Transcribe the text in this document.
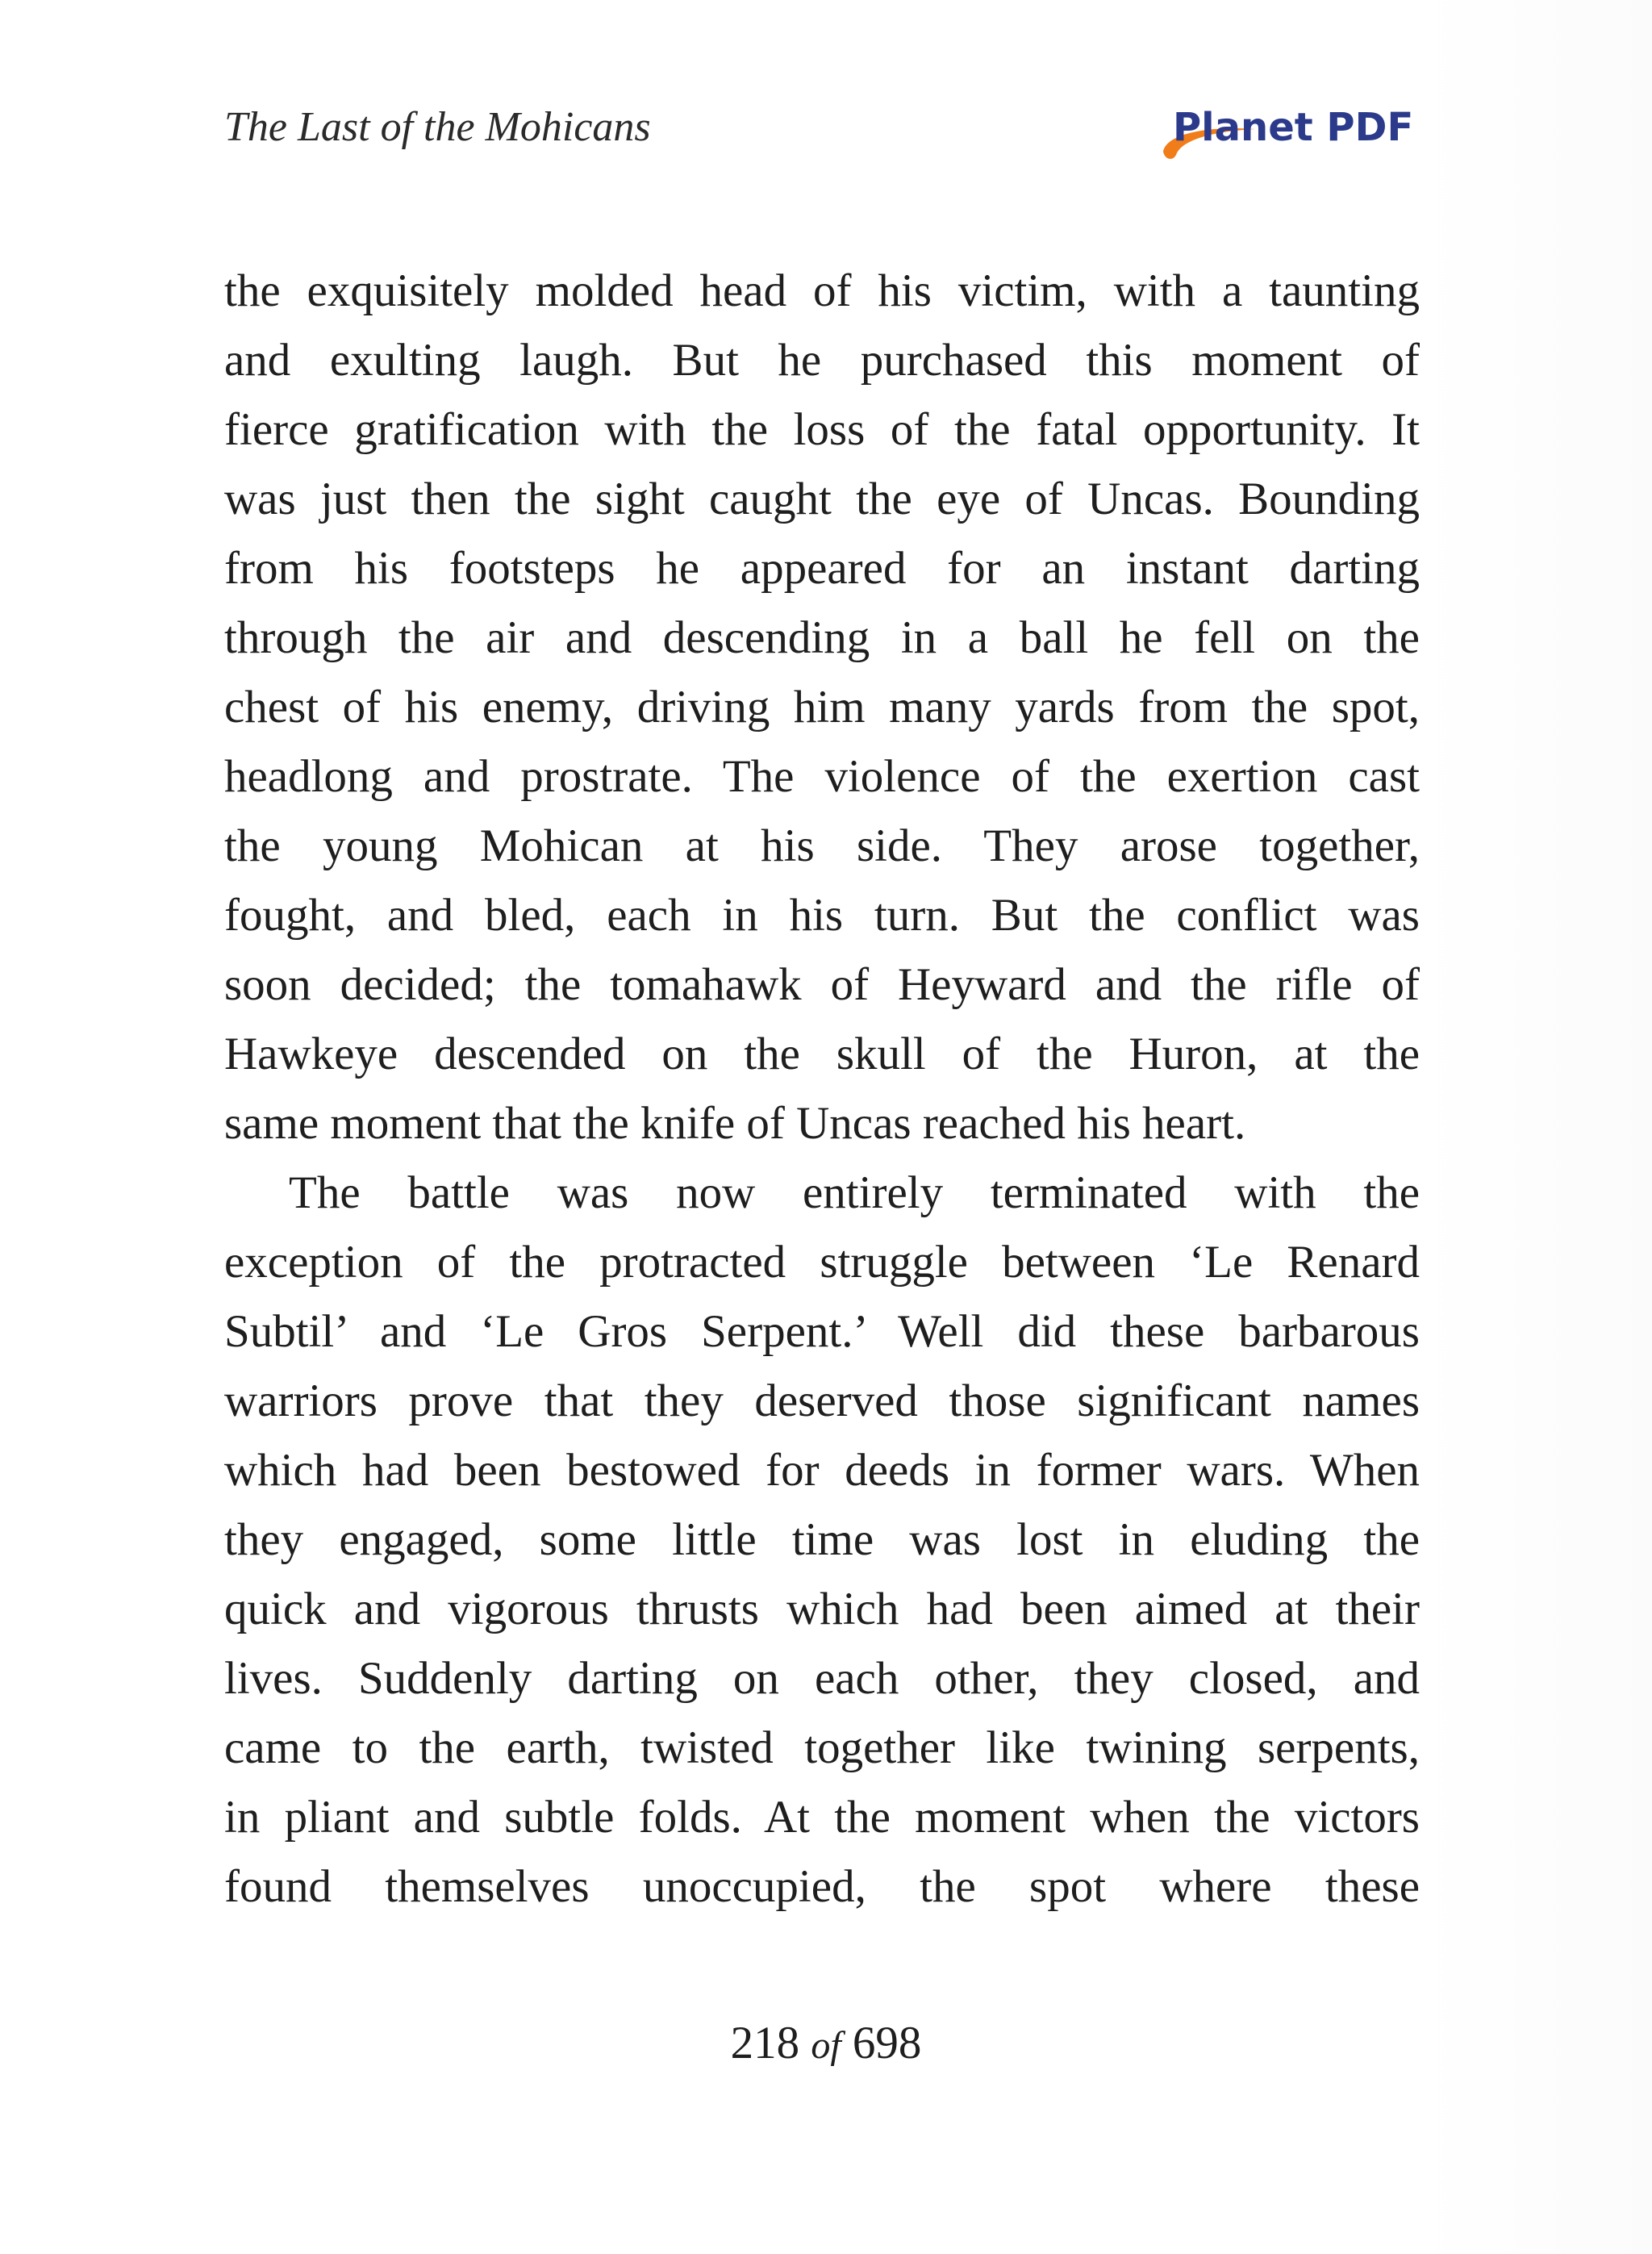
The Last of the Mohicans	Planet PDF
the exquisitely molded head of his victim, with a taunting
and exulting laugh. But he purchased this moment of
fierce gratification with the loss of the fatal opportunity. It
was just then the sight caught the eye of Uncas. Bounding
from his footsteps he appeared for an instant darting
through the air and descending in a ball he fell on the
chest of his enemy, driving him many yards from the spot,
headlong and prostrate. The violence of the exertion cast
the young Mohican at his side. They arose together,
fought, and bled, each in his turn. But the conflict was
soon decided; the tomahawk of Heyward and the rifle of
Hawkeye descended on the skull of the Huron, at the
same moment that the knife of Uncas reached his heart.
The battle was now entirely terminated with the
exception of the protracted struggle between ‘Le Renard
Subtil’ and ‘Le Gros Serpent.’ Well did these barbarous
warriors prove that they deserved those significant names
which had been bestowed for deeds in former wars. When
they engaged, some little time was lost in eluding the
quick and vigorous thrusts which had been aimed at their
lives. Suddenly darting on each other, they closed, and
came to the earth, twisted together like twining serpents,
in pliant and subtle folds. At the moment when the victors
found themselves unoccupied, the spot where these
218 of 698
